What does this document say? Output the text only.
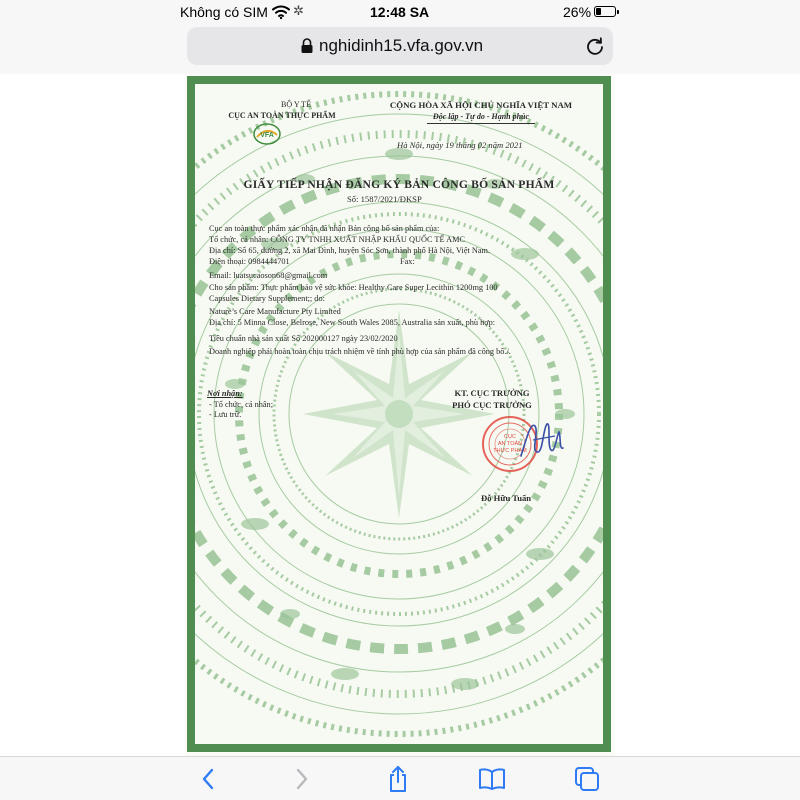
Không có SIM ✲	12:48 SA	26%
nghidinh15.vfa.gov.vn
BỘ Y TẾ
CỤC AN TOÀN THỰC PHẨM
VFA
CỘNG HÒA XÃ HỘI CHỦ NGHĨA VIỆT NAM
Độc lập - Tự do - Hạnh phúc
Hà Nội, ngày 19 tháng 02 năm 2021
GIẤY TIẾP NHẬN ĐĂNG KÝ BẢN CÔNG BỐ SẢN PHẨM
Số: 1587/2021/ĐKSP
Cục an toàn thực phẩm xác nhận đã nhận Bản công bố sản phẩm của:
Tổ chức, cá nhân: CÔNG TY TNHH XUẤT NHẬP KHẨU QUỐC TẾ AMC
Địa chỉ: Số 65, đường 2, xã Mai Đình, huyện Sóc Sơn, thành phố Hà Nội, Việt Nam.
Điện thoại: 0984444701	Fax:
Email: luatsucaoson68@gmail.com
Cho sản phẩm: Thực phẩm bảo vệ sức khỏe: Healthy Care Super Lecithin 1200mg 100
Capsules Dietary Supplement;; do:
Nature’s Care Manufacture Pty Limited
Địa chỉ: 5 Minna Close, Belrose, New South Wales 2085, Australia sản xuất, phù hợp:
Tiêu chuẩn nhà sản xuất Số 202000127 ngày 23/02/2020
Doanh nghiệp phải hoàn toàn chịu trách nhiệm về tính phù hợp của sản phẩm đã công bố./.
Nơi nhận:
- Tổ chức, cá nhân;
- Lưu trữ.
KT. CỤC TRƯỞNG
PHÓ CỤC TRƯỞNG
CỤC
AN TOÀN
THỰC PHẨM
Đỗ Hữu Tuấn
